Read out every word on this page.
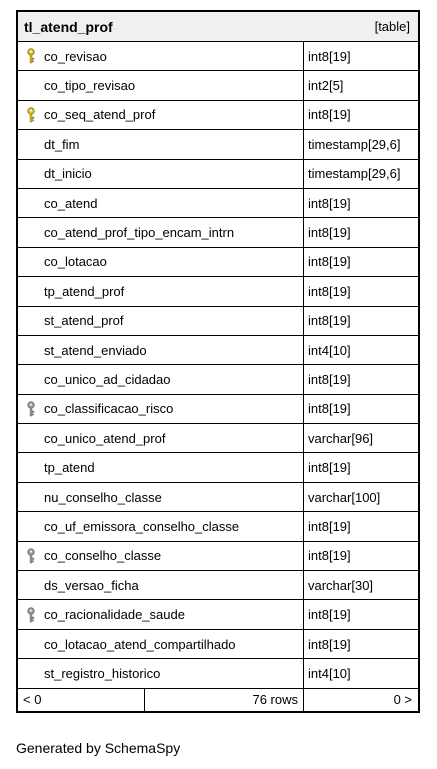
tl_atend_prof	[table]
co_revisao	int8[19]
co_tipo_revisao	int2[5]
co_seq_atend_prof	int8[19]
dt_fim	timestamp[29,6]
dt_inicio	timestamp[29,6]
co_atend	int8[19]
co_atend_prof_tipo_encam_intrn	int8[19]
co_lotacao	int8[19]
tp_atend_prof	int8[19]
st_atend_prof	int8[19]
st_atend_enviado	int4[10]
co_unico_ad_cidadao	int8[19]
co_classificacao_risco	int8[19]
co_unico_atend_prof	varchar[96]
tp_atend	int8[19]
nu_conselho_classe	varchar[100]
co_uf_emissora_conselho_classe	int8[19]
co_conselho_classe	int8[19]
ds_versao_ficha	varchar[30]
co_racionalidade_saude	int8[19]
co_lotacao_atend_compartilhado	int8[19]
st_registro_historico	int4[10]
< 0	76 rows	0 >
Generated by SchemaSpy
